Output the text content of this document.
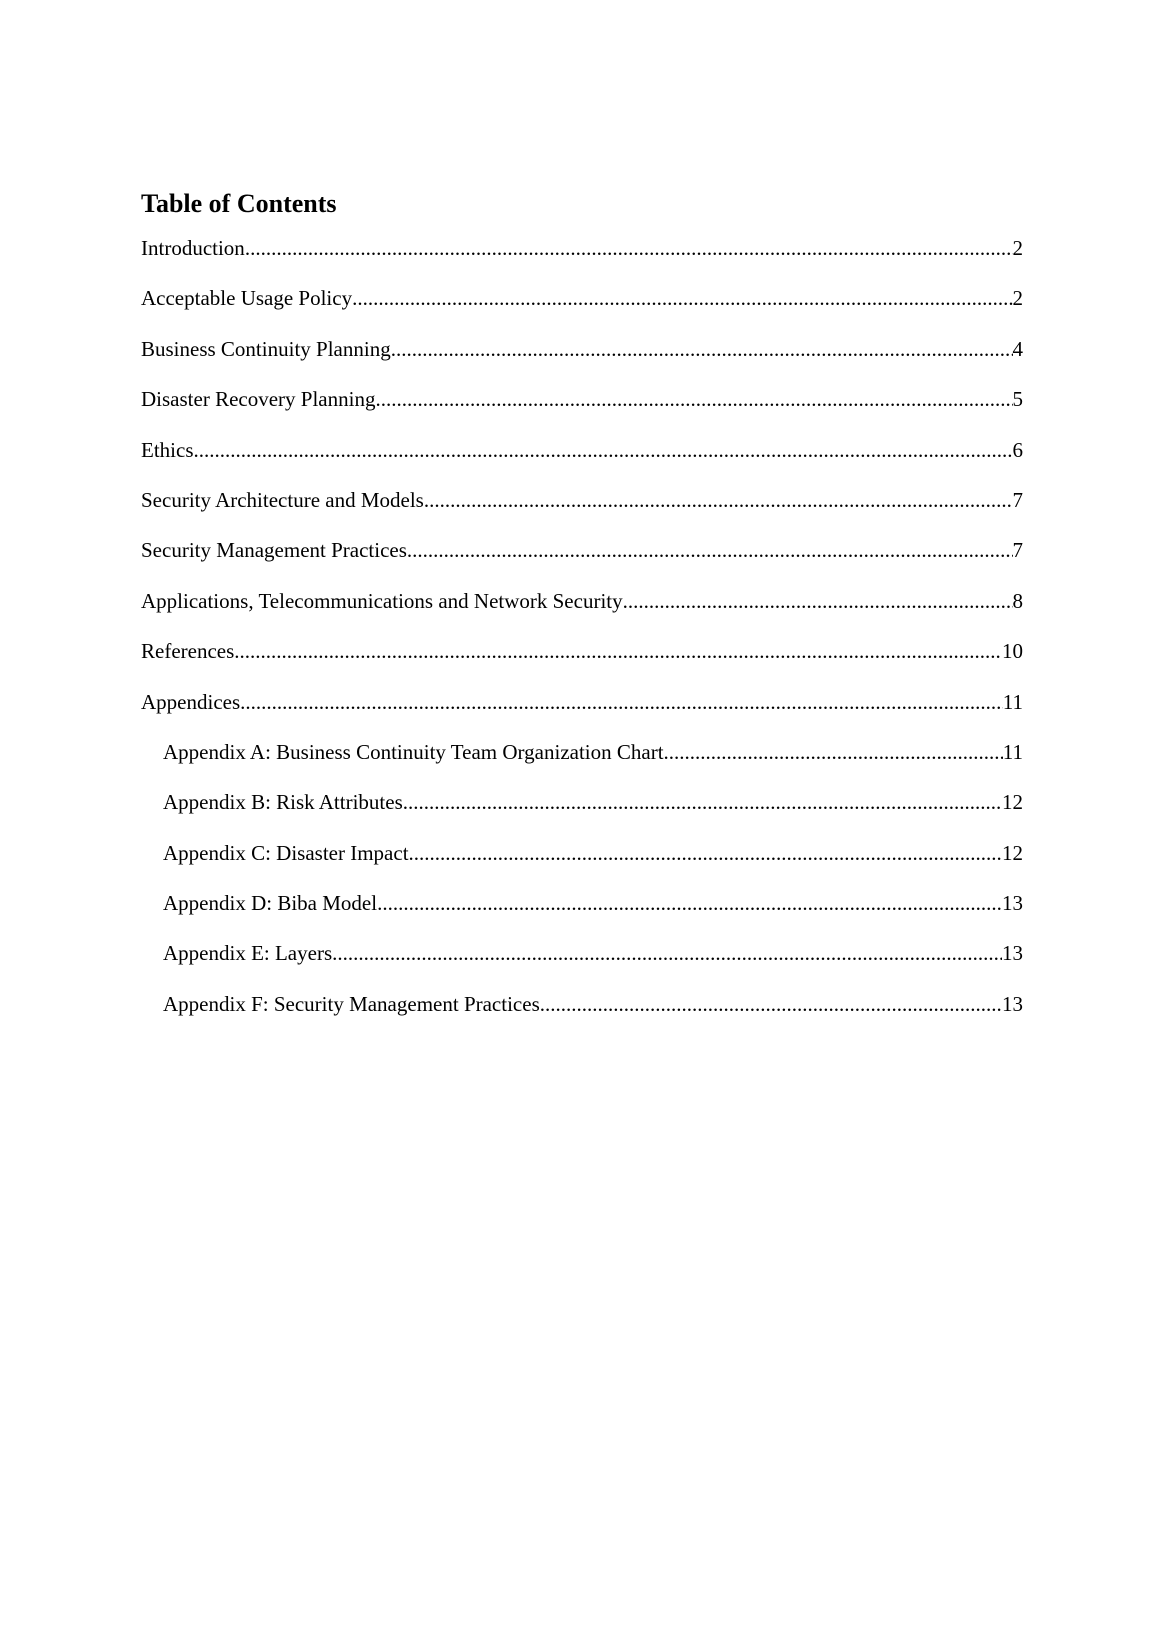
Table of Contents
Introduction .....	2
Acceptable Usage Policy .....	2
Business Continuity Planning .....	4
Disaster Recovery Planning .....	5
Ethics .....	6
Security Architecture and Models .....	7
Security Management Practices .....	7
Applications, Telecommunications and Network Security .....	8
References .....	10
Appendices .....	11
Appendix A: Business Continuity Team Organization Chart .....	11
Appendix B: Risk Attributes .....	12
Appendix C: Disaster Impact .....	12
Appendix D: Biba Model .....	13
Appendix E: Layers .....	13
Appendix F: Security Management Practices .....	13
